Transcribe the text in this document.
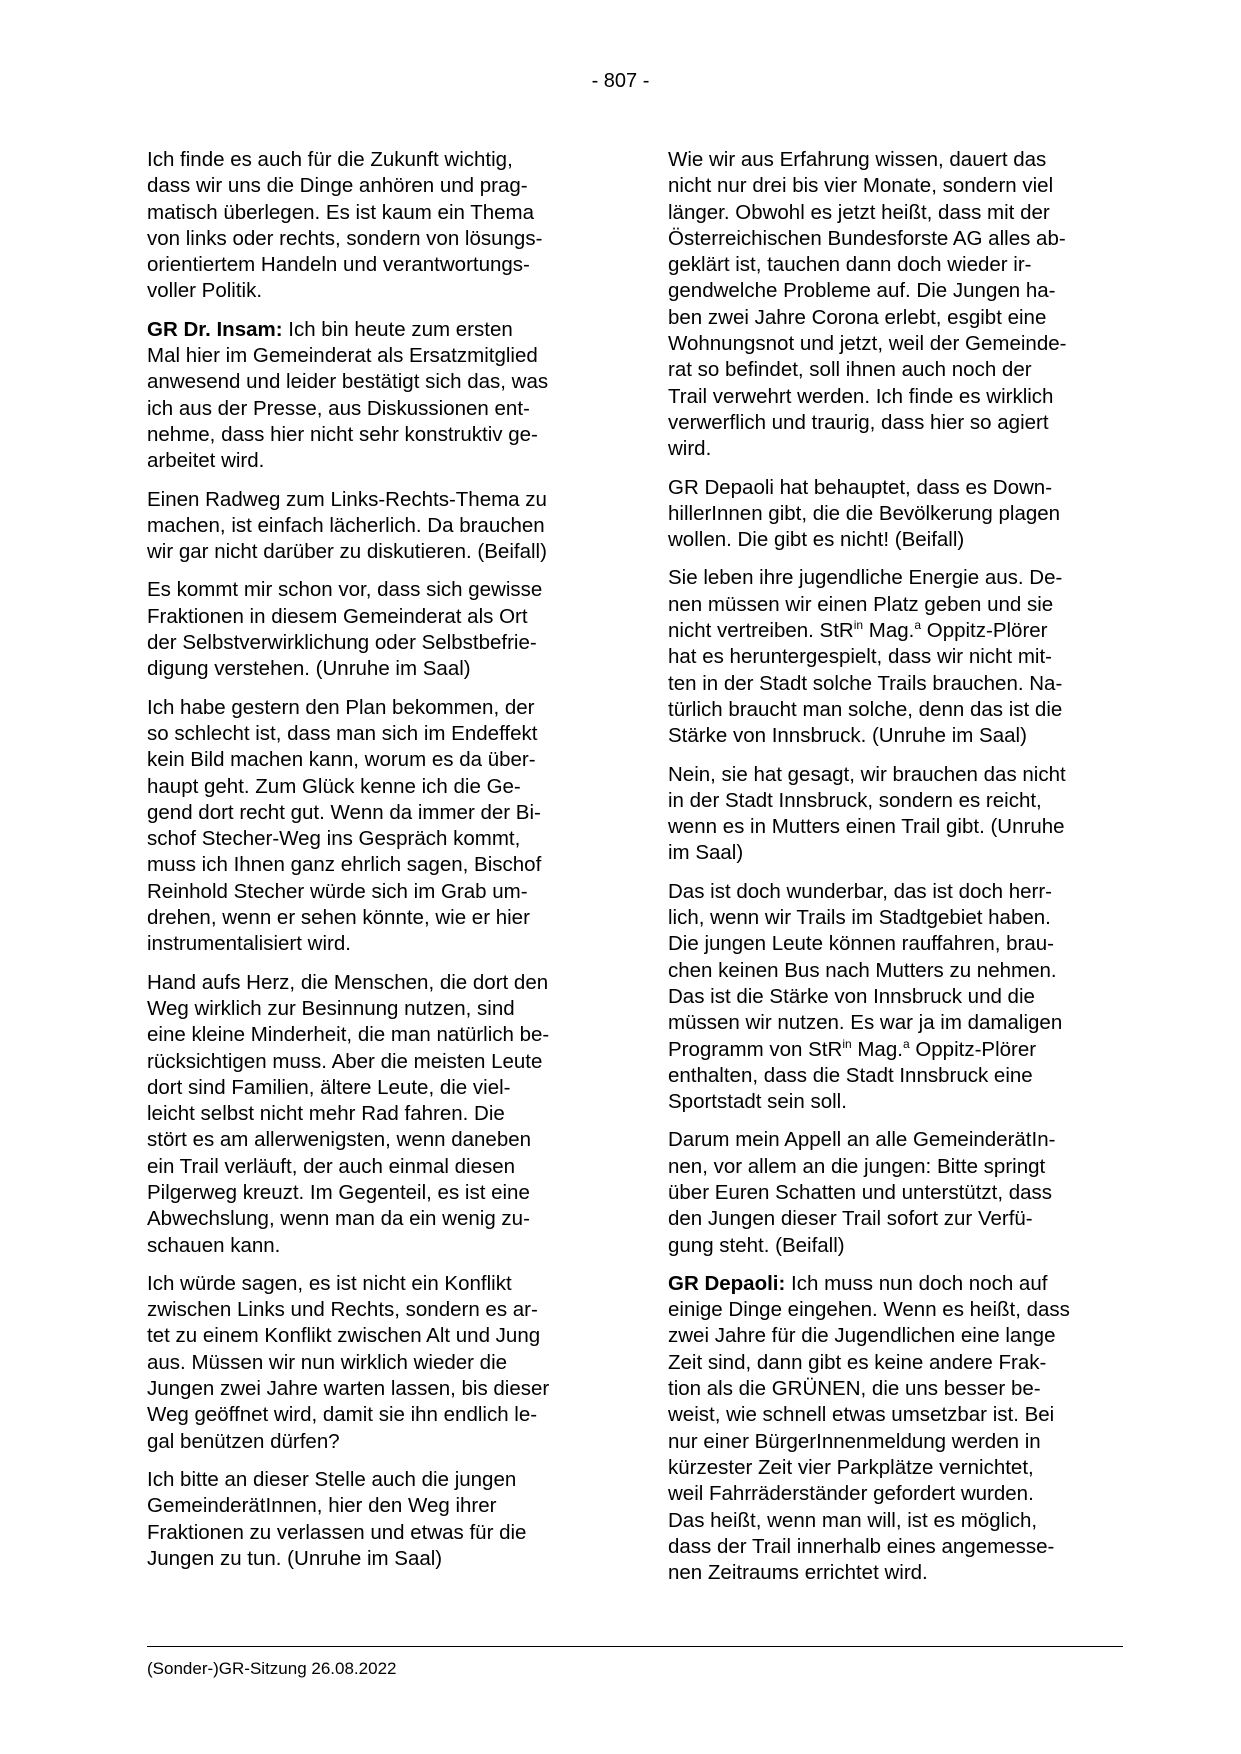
- 807 -

Ich finde es auch für die Zukunft wichtig,
dass wir uns die Dinge anhören und prag-
matisch überlegen. Es ist kaum ein Thema
von links oder rechts, sondern von lösungs-
orientiertem Handeln und verantwortungs-
voller Politik.

GR Dr. Insam: Ich bin heute zum ersten
Mal hier im Gemeinderat als Ersatzmitglied
anwesend und leider bestätigt sich das, was
ich aus der Presse, aus Diskussionen ent-
nehme, dass hier nicht sehr konstruktiv ge-
arbeitet wird.

Einen Radweg zum Links-Rechts-Thema zu
machen, ist einfach lächerlich. Da brauchen
wir gar nicht darüber zu diskutieren. (Beifall)

Es kommt mir schon vor, dass sich gewisse
Fraktionen in diesem Gemeinderat als Ort
der Selbstverwirklichung oder Selbstbefrie-
digung verstehen. (Unruhe im Saal)

Ich habe gestern den Plan bekommen, der
so schlecht ist, dass man sich im Endeffekt
kein Bild machen kann, worum es da über-
haupt geht. Zum Glück kenne ich die Ge-
gend dort recht gut. Wenn da immer der Bi-
schof Stecher-Weg ins Gespräch kommt,
muss ich Ihnen ganz ehrlich sagen, Bischof
Reinhold Stecher würde sich im Grab um-
drehen, wenn er sehen könnte, wie er hier
instrumentalisiert wird.

Hand aufs Herz, die Menschen, die dort den
Weg wirklich zur Besinnung nutzen, sind
eine kleine Minderheit, die man natürlich be-
rücksichtigen muss. Aber die meisten Leute
dort sind Familien, ältere Leute, die viel-
leicht selbst nicht mehr Rad fahren. Die
stört es am allerwenigsten, wenn daneben
ein Trail verläuft, der auch einmal diesen
Pilgerweg kreuzt. Im Gegenteil, es ist eine
Abwechslung, wenn man da ein wenig zu-
schauen kann.

Ich würde sagen, es ist nicht ein Konflikt
zwischen Links und Rechts, sondern es ar-
tet zu einem Konflikt zwischen Alt und Jung
aus. Müssen wir nun wirklich wieder die
Jungen zwei Jahre warten lassen, bis dieser
Weg geöffnet wird, damit sie ihn endlich le-
gal benützen dürfen?

Ich bitte an dieser Stelle auch die jungen
GemeinderätInnen, hier den Weg ihrer
Fraktionen zu verlassen und etwas für die
Jungen zu tun. (Unruhe im Saal)

Wie wir aus Erfahrung wissen, dauert das
nicht nur drei bis vier Monate, sondern viel
länger. Obwohl es jetzt heißt, dass mit der
Österreichischen Bundesforste AG alles ab-
geklärt ist, tauchen dann doch wieder ir-
gendwelche Probleme auf. Die Jungen ha-
ben zwei Jahre Corona erlebt, esgibt eine
Wohnungsnot und jetzt, weil der Gemeinde-
rat so befindet, soll ihnen auch noch der
Trail verwehrt werden. Ich finde es wirklich
verwerflich und traurig, dass hier so agiert
wird.

GR Depaoli hat behauptet, dass es Down-
hillerInnen gibt, die die Bevölkerung plagen
wollen. Die gibt es nicht! (Beifall)

Sie leben ihre jugendliche Energie aus. De-
nen müssen wir einen Platz geben und sie
nicht vertreiben. StR$^{in}$ Mag.$^a$ Oppitz-Plörer
hat es heruntergespielt, dass wir nicht mit-
ten in der Stadt solche Trails brauchen. Na-
türlich braucht man solche, denn das ist die
Stärke von Innsbruck. (Unruhe im Saal)

Nein, sie hat gesagt, wir brauchen das nicht
in der Stadt Innsbruck, sondern es reicht,
wenn es in Mutters einen Trail gibt. (Unruhe
im Saal)

Das ist doch wunderbar, das ist doch herr-
lich, wenn wir Trails im Stadtgebiet haben.
Die jungen Leute können rauffahren, brau-
chen keinen Bus nach Mutters zu nehmen.
Das ist die Stärke von Innsbruck und die
müssen wir nutzen. Es war ja im damaligen
Programm von StR$^{in}$ Mag.$^a$ Oppitz-Plörer
enthalten, dass die Stadt Innsbruck eine
Sportstadt sein soll.

Darum mein Appell an alle GemeinderätIn-
nen, vor allem an die jungen: Bitte springt
über Euren Schatten und unterstützt, dass
den Jungen dieser Trail sofort zur Verfü-
gung steht. (Beifall)

GR Depaoli: Ich muss nun doch noch auf
einige Dinge eingehen. Wenn es heißt, dass
zwei Jahre für die Jugendlichen eine lange
Zeit sind, dann gibt es keine andere Frak-
tion als die GRÜNEN, die uns besser be-
weist, wie schnell etwas umsetzbar ist. Bei
nur einer BürgerInnenmeldung werden in
kürzester Zeit vier Parkplätze vernichtet,
weil Fahrräderständer gefordert wurden.
Das heißt, wenn man will, ist es möglich,
dass der Trail innerhalb eines angemesse-
nen Zeitraums errichtet wird.

(Sonder-)GR-Sitzung 26.08.2022
